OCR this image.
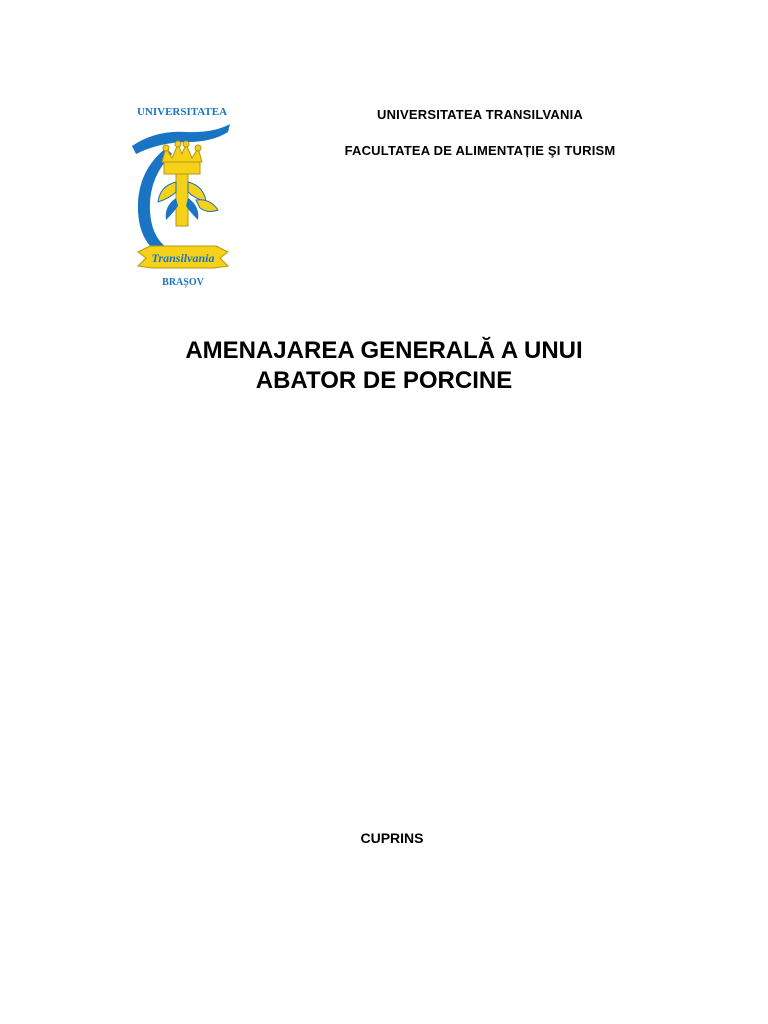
UNIVERSITATEA
Transilvania
BRAȘOV
UNIVERSITATEA TRANSILVANIA
FACULTATEA DE ALIMENTAȚIE ŞI TURISM
AMENAJAREA GENERALĂ A UNUI
ABATOR DE PORCINE
CUPRINS
